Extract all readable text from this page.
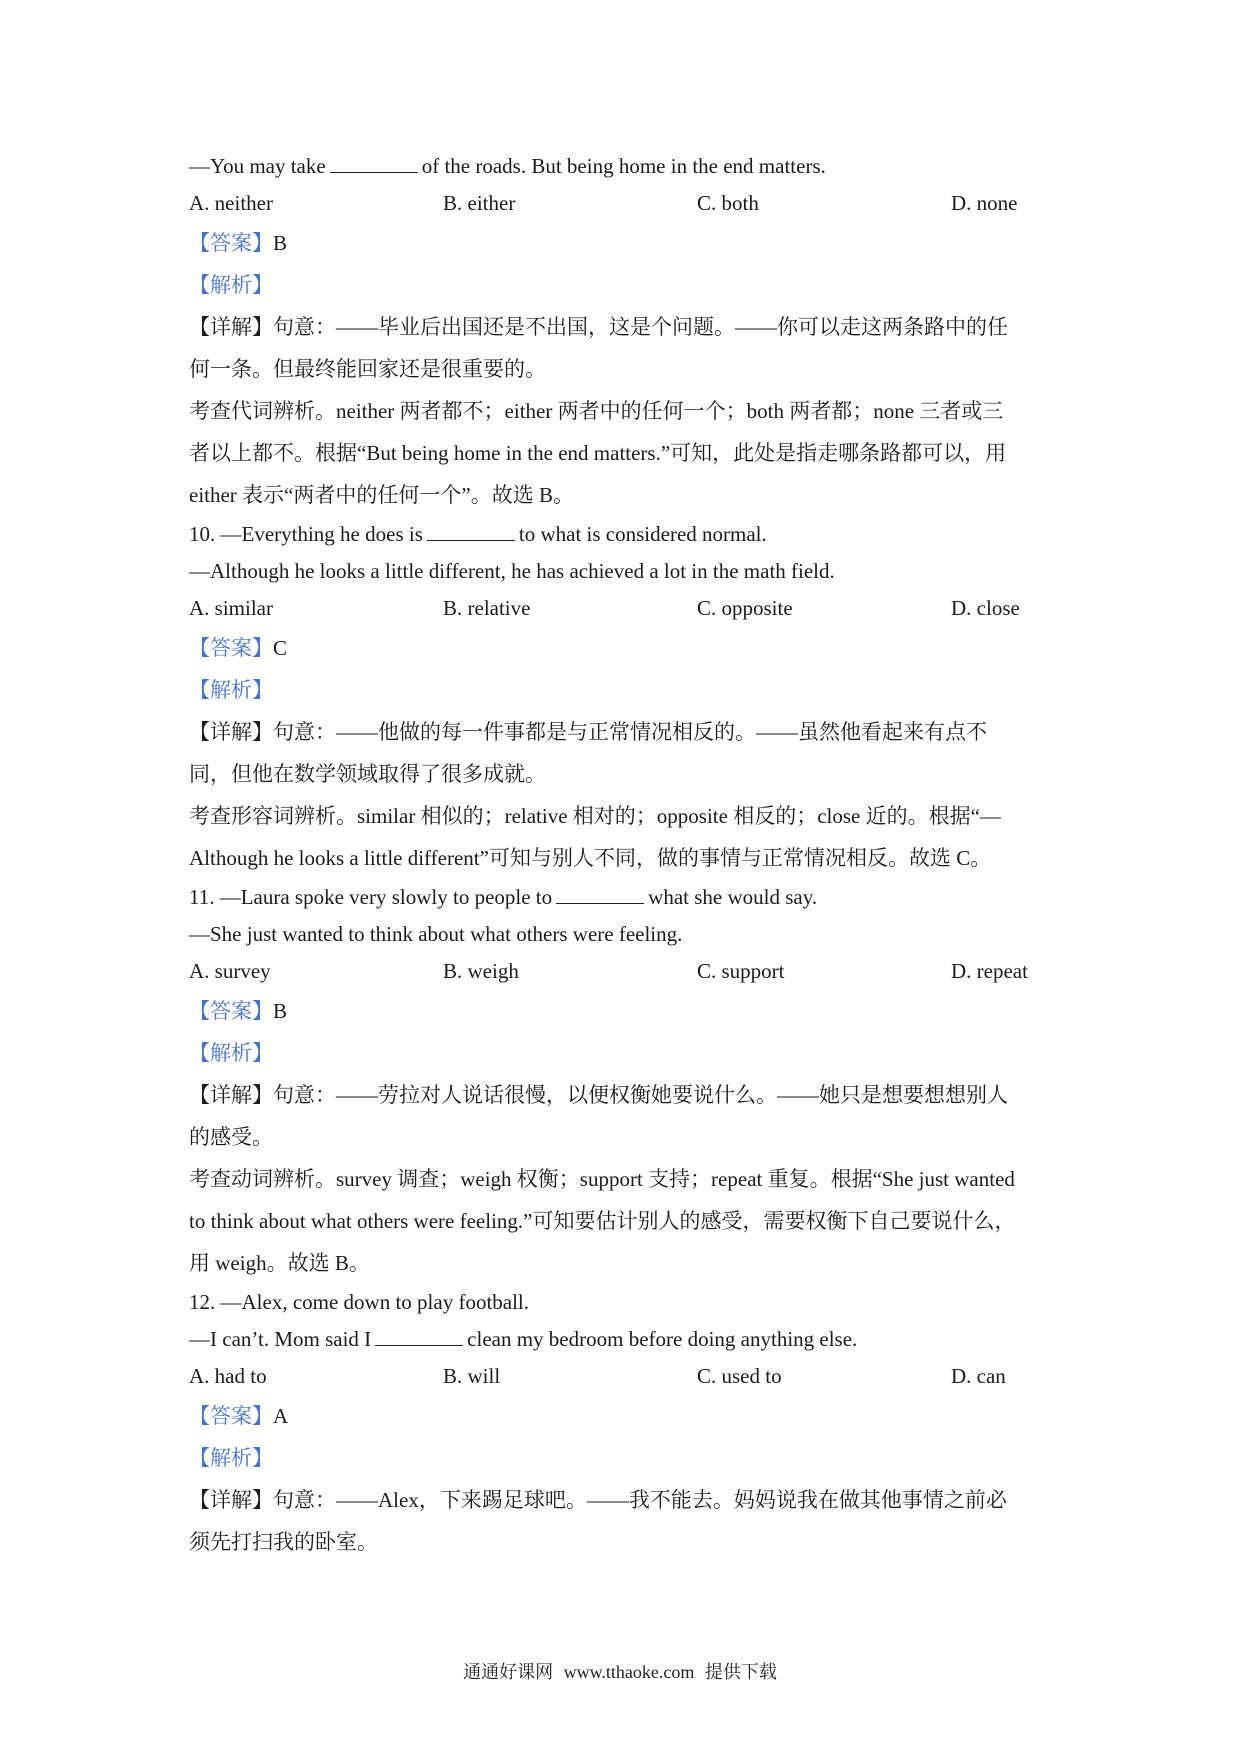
—You may take	of the roads. But being home in the end matters.
A. neither	B. either	C. both	D. none
【答案】B
【解析】
【详解】句意：——毕业后出国还是不出国，这是个问题。——你可以走这两条路中的任
何一条。但最终能回家还是很重要的。
考查代词辨析。neither 两者都不；either 两者中的任何一个；both 两者都；none 三者或三
者以上都不。根据“But being home in the end matters.”可知，此处是指走哪条路都可以，用
either 表示“两者中的任何一个”。故选 B。
10. —Everything he does is	to what is considered normal.
—Although he looks a little different, he has achieved a lot in the math field.
A. similar	B. relative	C. opposite	D. close
【答案】C
【解析】
【详解】句意：——他做的每一件事都是与正常情况相反的。——虽然他看起来有点不
同，但他在数学领域取得了很多成就。
考查形容词辨析。similar 相似的；relative 相对的；opposite 相反的；close 近的。根据“—
Although he looks a little different”可知与别人不同，做的事情与正常情况相反。故选 C。
11. —Laura spoke very slowly to people to	what she would say.
—She just wanted to think about what others were feeling.
A. survey	B. weigh	C. support	D. repeat
【答案】B
【解析】
【详解】句意：——劳拉对人说话很慢，以便权衡她要说什么。——她只是想要想想别人
的感受。
考查动词辨析。survey 调查；weigh 权衡；support 支持；repeat 重复。根据“She just wanted
to think about what others were feeling.”可知要估计别人的感受，需要权衡下自己要说什么，
用 weigh。故选 B。
12. —Alex, come down to play football.
—I can’t. Mom said I	clean my bedroom before doing anything else.
A. had to	B. will	C. used to	D. can
【答案】A
【解析】
【详解】句意：——Alex，下来踢足球吧。——我不能去。妈妈说我在做其他事情之前必
须先打扫我的卧室。
通通好课网 www.tthaoke.com 提供下载
